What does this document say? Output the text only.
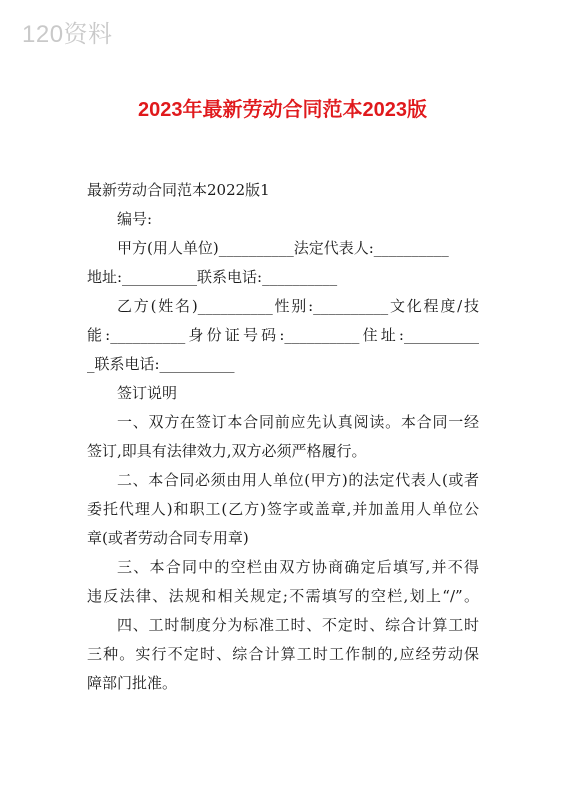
120资料
2023年最新劳动合同范本2023版
最新劳动合同范本2022版1
编号:
甲方(用人单位)__________法定代表人:__________
地址:__________联系电话:__________
乙方(姓名)__________性别:__________文化程度/技
能:__________身份证号码:__________住址:__________
_联系电话:__________
签订说明
一、双方在签订本合同前应先认真阅读。本合同一经
签订,即具有法律效力,双方必须严格履行。
二、本合同必须由用人单位(甲方)的法定代表人(或者
委托代理人)和职工(乙方)签字或盖章,并加盖用人单位公
章(或者劳动合同专用章)
三、本合同中的空栏由双方协商确定后填写,并不得
违反法律、法规和相关规定;不需填写的空栏,划上“/”。
四、工时制度分为标准工时、不定时、综合计算工时
三种。实行不定时、综合计算工时工作制的,应经劳动保
障部门批准。
